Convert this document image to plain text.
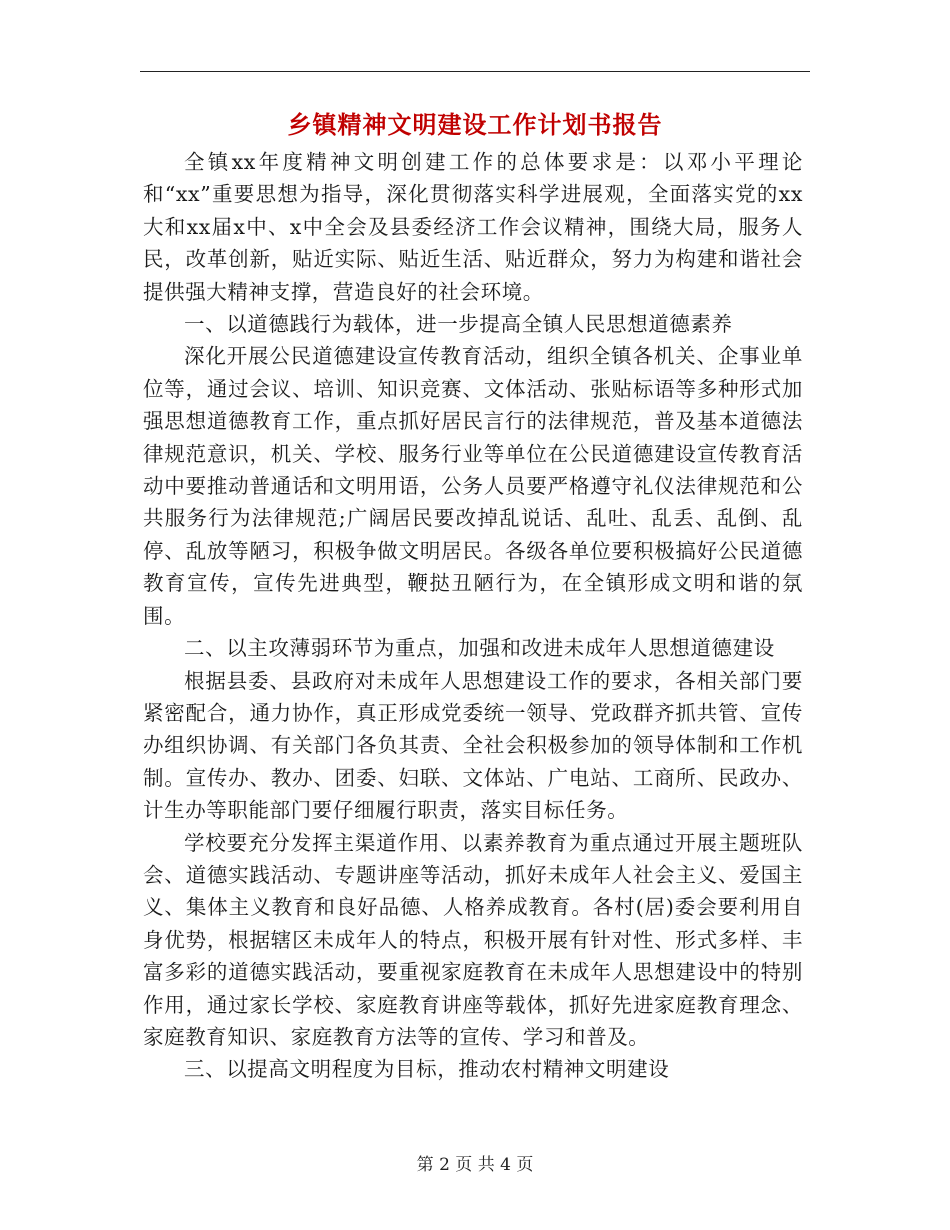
乡镇精神文明建设工作计划书报告

全镇xx年度精神文明创建工作的总体要求是：以邓小平理论和“xx”重要思想为指导，深化贯彻落实科学进展观，全面落实党的xx大和xx届x中、x中全会及县委经济工作会议精神，围绕大局，服务人民，改革创新，贴近实际、贴近生活、贴近群众，努力为构建和谐社会提供强大精神支撑，营造良好的社会环境。

一、以道德践行为载体，进一步提高全镇人民思想道德素养

深化开展公民道德建设宣传教育活动，组织全镇各机关、企事业单位等，通过会议、培训、知识竞赛、文体活动、张贴标语等多种形式加强思想道德教育工作，重点抓好居民言行的法律规范，普及基本道德法律规范意识，机关、学校、服务行业等单位在公民道德建设宣传教育活动中要推动普通话和文明用语，公务人员要严格遵守礼仪法律规范和公共服务行为法律规范;广阔居民要改掉乱说话、乱吐、乱丢、乱倒、乱停、乱放等陋习，积极争做文明居民。各级各单位要积极搞好公民道德教育宣传，宣传先进典型，鞭挞丑陋行为，在全镇形成文明和谐的氛围。

二、以主攻薄弱环节为重点，加强和改进未成年人思想道德建设

根据县委、县政府对未成年人思想建设工作的要求，各相关部门要紧密配合，通力协作，真正形成党委统一领导、党政群齐抓共管、宣传办组织协调、有关部门各负其责、全社会积极参加的领导体制和工作机制。宣传办、教办、团委、妇联、文体站、广电站、工商所、民政办、计生办等职能部门要仔细履行职责，落实目标任务。

学校要充分发挥主渠道作用、以素养教育为重点通过开展主题班队会、道德实践活动、专题讲座等活动，抓好未成年人社会主义、爱国主义、集体主义教育和良好品德、人格养成教育。各村(居)委会要利用自身优势，根据辖区未成年人的特点，积极开展有针对性、形式多样、丰富多彩的道德实践活动，要重视家庭教育在未成年人思想建设中的特别作用，通过家长学校、家庭教育讲座等载体，抓好先进家庭教育理念、家庭教育知识、家庭教育方法等的宣传、学习和普及。

三、以提高文明程度为目标，推动农村精神文明建设

第 2 页 共 4 页
